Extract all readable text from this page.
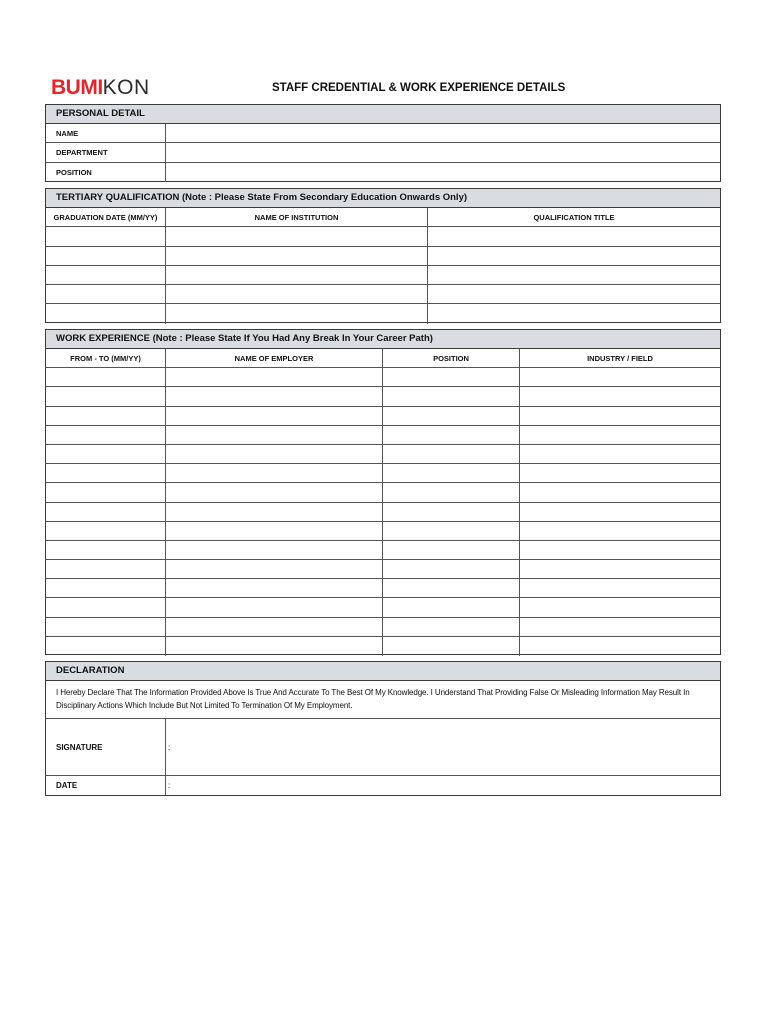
BUMIKON	STAFF CREDENTIAL & WORK EXPERIENCE DETAILS
PERSONAL DETAIL
NAME
DEPARTMENT
POSITION
TERTIARY QUALIFICATION (Note : Please State From Secondary Education Onwards Only)
GRADUATION DATE (MM/YY)	NAME OF INSTITUTION	QUALIFICATION TITLE
WORK EXPERIENCE (Note : Please State If You Had Any Break In Your Career Path)
FROM - TO (MM/YY)	NAME OF EMPLOYER	POSITION	INDUSTRY / FIELD
DECLARATION
I Hereby Declare That The Information Provided Above Is True And Accurate To The Best Of My Knowledge. I Understand That Providing False Or Misleading Information May Result In Disciplinary Actions Which Include But Not Limited To Termination Of My Employment.
SIGNATURE	:
DATE	:
